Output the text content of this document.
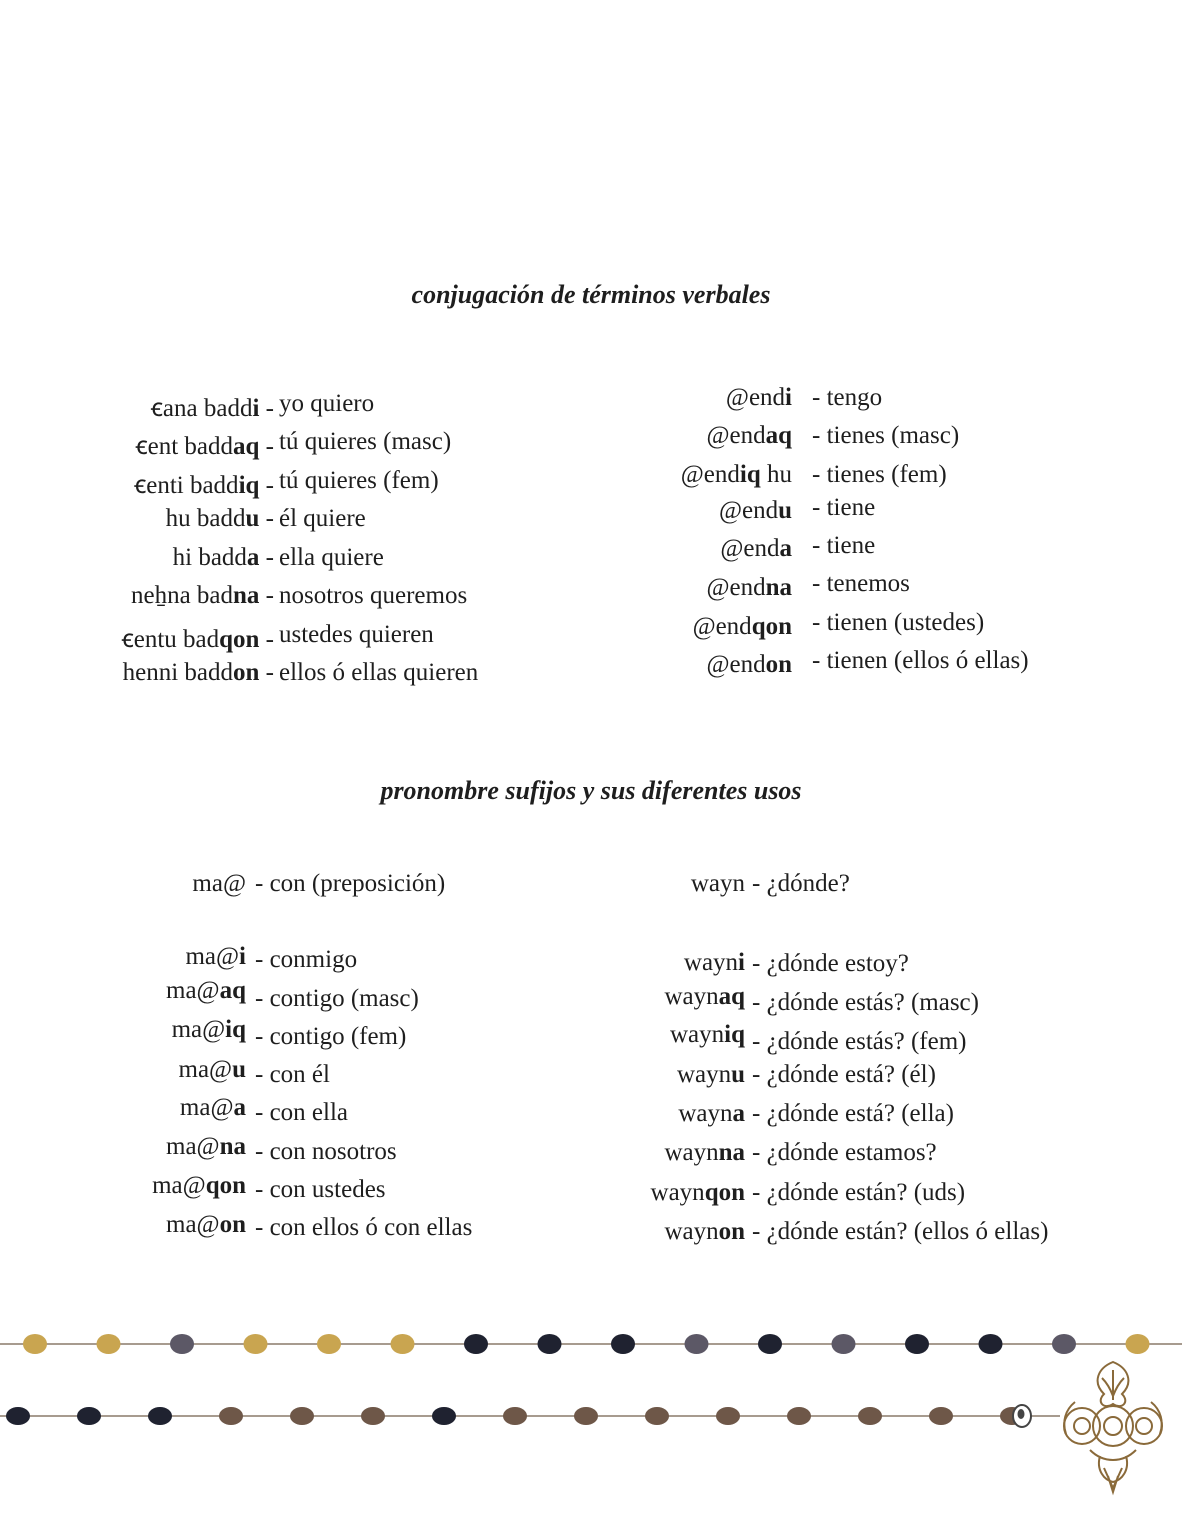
conjugación de términos verbales
ꞓana baddi - yo quiero
ꞓent baddaq - tú quieres (masc)
ꞓenti baddiq - tú quieres (fem)
hu baddu - él quiere
hi badda - ella quiere
neẖna badna - nosotros queremos
ꞓentu badqon - ustedes quieren
henni baddon - ellos ó ellas quieren
@endi - tengo
@endaq - tienes (masc)
@endiq hu - tienes (fem)
@endu - tiene
@enda - tiene
@endna - tenemos
@endqon - tienen (ustedes)
@endon - tienen (ellos ó ellas)
pronombre sufijos y sus diferentes usos
ma@ - con (preposición)
ma@i - conmigo
ma@aq - contigo (masc)
ma@iq - contigo (fem)
ma@u - con él
ma@a - con ella
ma@na - con nosotros
ma@qon - con ustedes
ma@on - con ellos ó con ellas
wayn - ¿dónde?
wayni - ¿dónde estoy?
waynaq - ¿dónde estás? (masc)
wayniq - ¿dónde estás? (fem)
waynu - ¿dónde está? (él)
wayna - ¿dónde está? (ella)
waynna - ¿dónde estamos?
waynqon - ¿dónde están? (uds)
waynon - ¿dónde están? (ellos ó ellas)
